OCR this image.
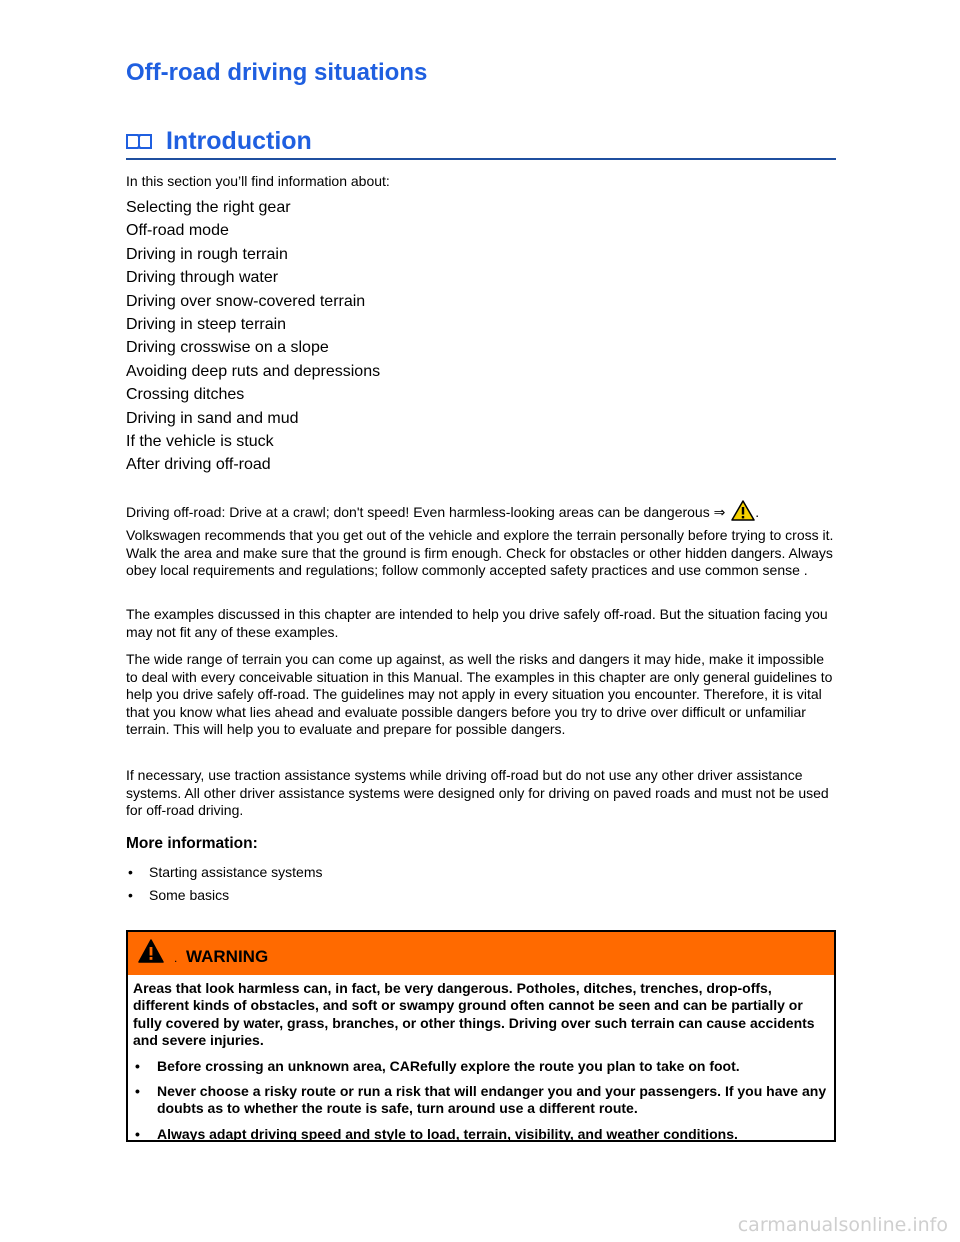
Off-road driving situations
Introduction
In this section you’ll find information about:
Selecting the right gear
Off-road mode
Driving in rough terrain
Driving through water
Driving over snow-covered terrain
Driving in steep terrain
Driving crosswise on a slope
Avoiding deep ruts and depressions
Crossing ditches
Driving in sand and mud
If the vehicle is stuck
After driving off-road

Driving off-road: Drive at a crawl; don't speed! Even harmless-looking areas can be dangerous ⇒ .

Volkswagen recommends that you get out of the vehicle and explore the terrain personally before trying to cross it. Walk the area and make sure that the ground is firm enough. Check for obstacles or other hidden dangers. Always obey local requirements and regulations; follow commonly accepted safety practices and use common sense .

The examples discussed in this chapter are intended to help you drive safely off-road. But the situation facing you may not fit any of these examples.

The wide range of terrain you can come up against, as well the risks and dangers it may hide, make it impossible to deal with every conceivable situation in this Manual. The examples in this chapter are only general guidelines to help you drive safely off-road. The guidelines may not apply in every situation you encounter. Therefore, it is vital that you know what lies ahead and evaluate possible dangers before you try to drive over difficult or unfamiliar terrain. This will help you to evaluate and prepare for possible dangers.

If necessary, use traction assistance systems while driving off-road but do not use any other driver assistance systems. All other driver assistance systems were designed only for driving on paved roads and must not be used for off-road driving.

More information:
• Starting assistance systems
• Some basics
. WARNING

Areas that look harmless can, in fact, be very dangerous. Potholes, ditches, trenches, drop-offs, different kinds of obstacles, and soft or swampy ground often cannot be seen and can be partially or fully covered by water, grass, branches, or other things. Driving over such terrain can cause accidents and severe injuries.

• Before crossing an unknown area, CARefully explore the route you plan to take on foot.

• Never choose a risky route or run a risk that will endanger you and your passengers. If you have any doubts as to whether the route is safe, turn around use a different route.

• Always adapt driving speed and style to load, terrain, visibility, and weather conditions.

carmanualsonline.info
